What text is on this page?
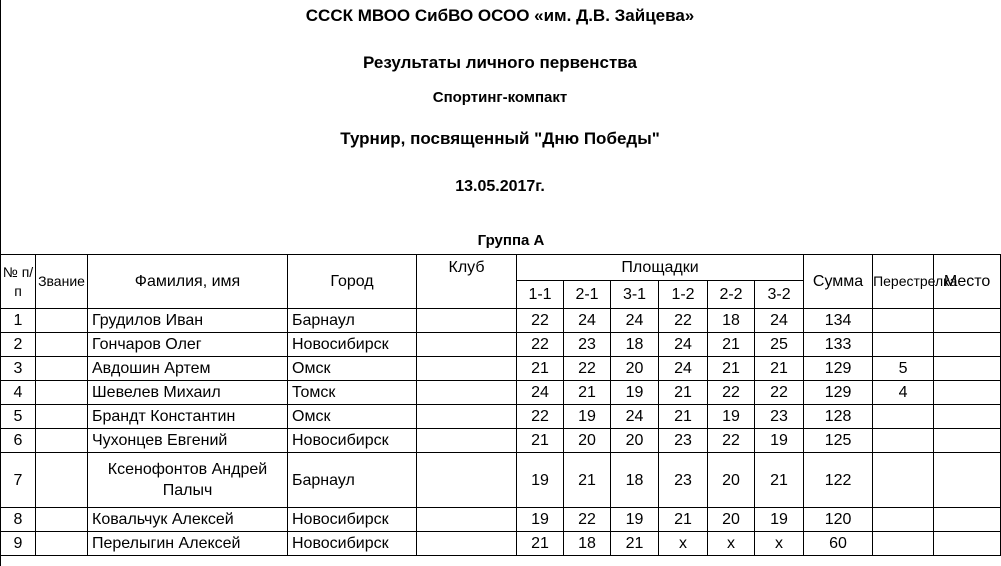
СССК МВОО СибВО ОСОО «им. Д.В. Зайцева»
Результаты личного первенства
Спортинг-компакт
Турнир, посвященный "Дню Победы"
13.05.2017г.
Группа А
№ п/п	Звание	Фамилия, имя	Город	Клуб	Площадки						Сумма	Перестрелка	Место
					1-1	2-1	3-1	1-2	2-2	3-2			
1		Грудилов Иван	Барнаул		22	24	24	22	18	24	134		
2		Гончаров Олег	Новосибирск		22	23	18	24	21	25	133		
3		Авдошин Артем	Омск		21	22	20	24	21	21	129	5	
4		Шевелев Михаил	Томск		24	21	19	21	22	22	129	4	
5		Брандт Константин	Омск		22	19	24	21	19	23	128		
6		Чухонцев Евгений	Новосибирск		21	20	20	23	22	19	125		
7		Ксенофонтов Андрей Палыч	Барнаул		19	21	18	23	20	21	122		
8		Ковальчук Алексей	Новосибирск		19	22	19	21	20	19	120		
9		Перелыгин Алексей	Новосибирск		21	18	21	x	x	x	60		
